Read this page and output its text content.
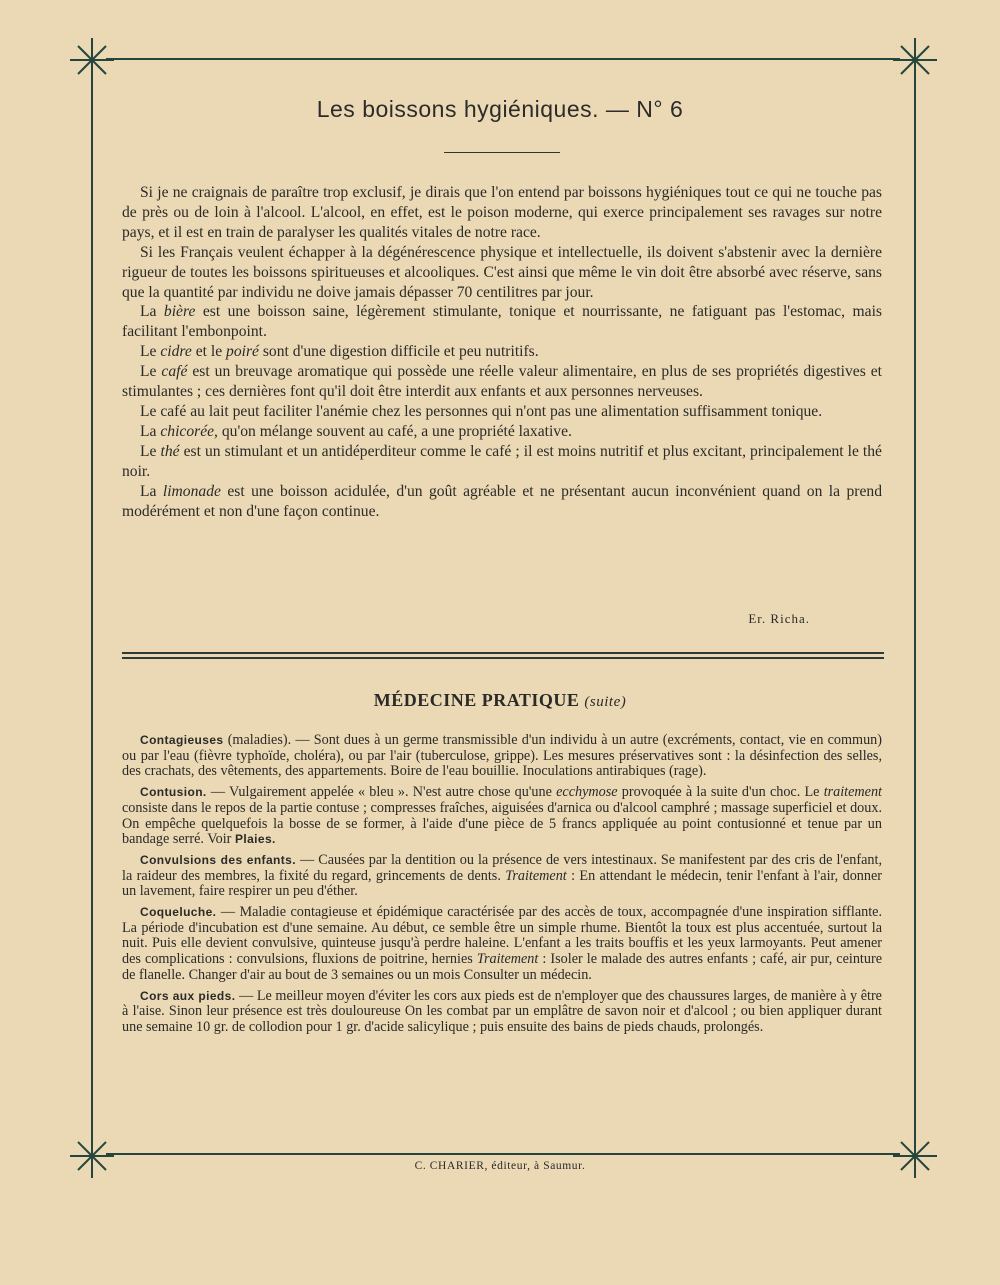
Les boissons hygiéniques. — N° 6

Si je ne craignais de paraître trop exclusif, je dirais que l'on entend par boissons hygiéniques tout ce qui ne touche pas de près ou de loin à l'alcool. L'alcool, en effet, est le poison moderne, qui exerce principalement ses ravages sur notre pays, et il est en train de paralyser les qualités vitales de notre race.

Si les Français veulent échapper à la dégénérescence physique et intellectuelle, ils doivent s'abstenir avec la dernière rigueur de toutes les boissons spiritueuses et alcooliques. C'est ainsi que même le vin doit être absorbé avec réserve, sans que la quantité par individu ne doive jamais dépasser 70 centilitres par jour.

La bière est une boisson saine, légèrement stimulante, tonique et nourrissante, ne fatiguant pas l'estomac, mais facilitant l'embonpoint.

Le cidre et le poiré sont d'une digestion difficile et peu nutritifs.

Le café est un breuvage aromatique qui possède une réelle valeur alimentaire, en plus de ses propriétés digestives et stimulantes ; ces dernières font qu'il doit être interdit aux enfants et aux personnes nerveuses.

Le café au lait peut faciliter l'anémie chez les personnes qui n'ont pas une alimentation suffisamment tonique.

La chicorée, qu'on mélange souvent au café, a une propriété laxative.

Le thé est un stimulant et un antidéperditeur comme le café ; il est moins nutritif et plus excitant, principalement le thé noir.

La limonade est une boisson acidulée, d'un goût agréable et ne présentant aucun inconvénient quand on la prend modérément et non d'une façon continue.

Er. Richa.
MÉDECINE PRATIQUE (suite)

Contagieuses (maladies). — Sont dues à un germe transmissible d'un individu à un autre (excréments, contact, vie en commun) ou par l'eau (fièvre typhoïde, choléra), ou par l'air (tuberculose, grippe). Les mesures préservatives sont : la désinfection des selles, des crachats, des vêtements, des appartements. Boire de l'eau bouillie. Inoculations antirabiques (rage).

Contusion. — Vulgairement appelée « bleu ». N'est autre chose qu'une ecchymose provoquée à la suite d'un choc. Le traitement consiste dans le repos de la partie contuse ; compresses fraîches, aiguisées d'arnica ou d'alcool camphré ; massage superficiel et doux. On empêche quelquefois la bosse de se former, à l'aide d'une pièce de 5 francs appliquée au point contusionné et tenue par un bandage serré. Voir Plaies.

Convulsions des enfants. — Causées par la dentition ou la présence de vers intestinaux. Se manifestent par des cris de l'enfant, la raideur des membres, la fixité du regard, grincements de dents. Traitement : En attendant le médecin, tenir l'enfant à l'air, donner un lavement, faire respirer un peu d'éther.

Coqueluche. — Maladie contagieuse et épidémique caractérisée par des accès de toux, accompagnée d'une inspiration sifflante. La période d'incubation est d'une semaine. Au début, ce semble être un simple rhume. Bientôt la toux est plus accentuée, surtout la nuit. Puis elle devient convulsive, quinteuse jusqu'à perdre haleine. L'enfant a les traits bouffis et les yeux larmoyants. Peut amener des complications : convulsions, fluxions de poitrine, hernies Traitement : Isoler le malade des autres enfants ; café, air pur, ceinture de flanelle. Changer d'air au bout de 3 semaines ou un mois Consulter un médecin.

Cors aux pieds. — Le meilleur moyen d'éviter les cors aux pieds est de n'employer que des chaussures larges, de manière à y être à l'aise. Sinon leur présence est très douloureuse On les combat par un emplâtre de savon noir et d'alcool ; ou bien appliquer durant une semaine 10 gr. de collodion pour 1 gr. d'acide salicylique ; puis ensuite des bains de pieds chauds, prolongés.

C. CHARIER, éditeur, à Saumur.
